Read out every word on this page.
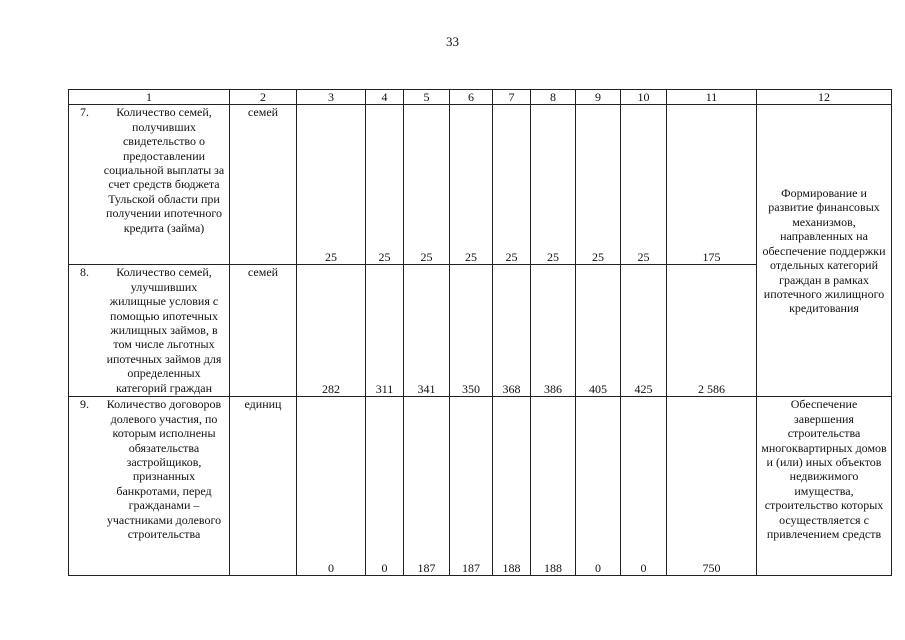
33
1	2	3	4	5	6	7	8	9	10	11	12

7. Количество семей, получивших свидетельство о предоставлении социальной выплаты за счет средств бюджета Тульской области при получении ипотечного кредита (займа)	семей	25	25	25	25	25	25	25	25	175	Формирование и развитие финансовых механизмов, направленных на обеспечение поддержки отдельных категорий граждан в рамках ипотечного жилищного кредитования

8. Количество семей, улучшивших жилищные условия с помощью ипотечных жилищных займов, в том числе льготных ипотечных займов для определенных категорий граждан	семей	282	311	341	350	368	386	405	425	2 586	

9. Количество договоров долевого участия, по которым исполнены обязательства застройщиков, признанных банкротами, перед гражданами – участниками долевого строительства	единиц	0	0	187	187	188	188	0	0	750	Обеспечение завершения строительства многоквартирных домов и (или) иных объектов недвижимого имущества, строительство которых осуществляется с привлечением средств
